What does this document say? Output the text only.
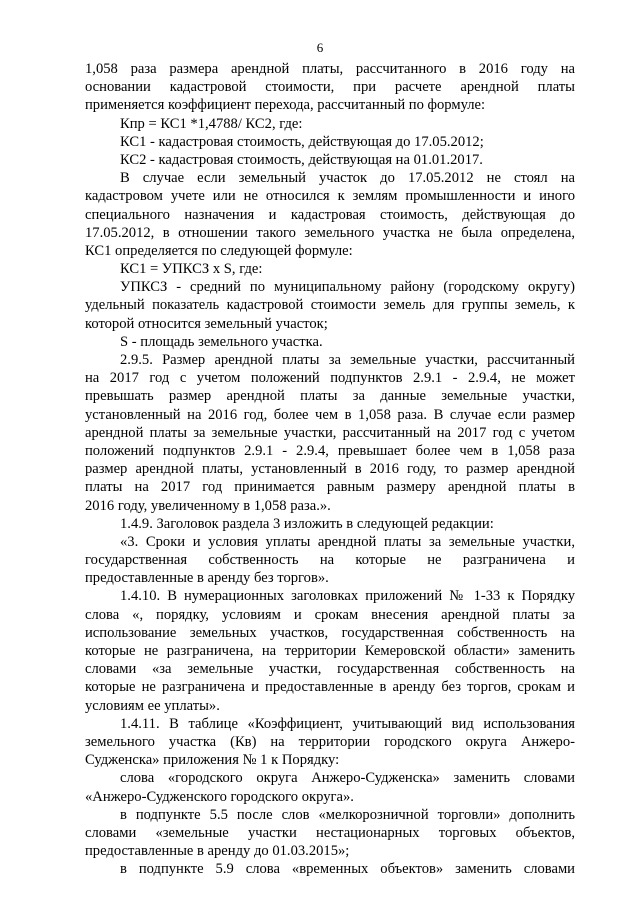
6
1,058 раза размера арендной платы, рассчитанного в 2016 году на
основании кадастровой стоимости, при расчете арендной платы
применяется коэффициент перехода, рассчитанный по формуле:
Кпр = КС1 *1,4788/ КС2, где:
КС1 - кадастровая стоимость, действующая до 17.05.2012;
КС2 - кадастровая стоимость, действующая на 01.01.2017.
В случае если земельный участок до 17.05.2012 не стоял на
кадастровом учете или не относился к землям промышленности и иного
специального назначения и кадастровая стоимость, действующая до
17.05.2012, в отношении такого земельного участка не была определена,
КС1 определяется по следующей формуле:
КС1 = УПКСЗ x S, где:
УПКСЗ - средний по муниципальному району (городскому округу)
удельный показатель кадастровой стоимости земель для группы земель, к
которой относится земельный участок;
S - площадь земельного участка.
2.9.5. Размер арендной платы за земельные участки, рассчитанный
на 2017 год с учетом положений подпунктов 2.9.1 - 2.9.4, не может
превышать размер арендной платы за данные земельные участки,
установленный на 2016 год, более чем в 1,058 раза. В случае если размер
арендной платы за земельные участки, рассчитанный на 2017 год с учетом
положений подпунктов 2.9.1 - 2.9.4, превышает более чем в 1,058 раза
размер арендной платы, установленный в 2016 году, то размер арендной
платы на 2017 год принимается равным размеру арендной платы в
2016 году, увеличенному в 1,058 раза.».
1.4.9. Заголовок раздела 3 изложить в следующей редакции:
«3. Сроки и условия уплаты арендной платы за земельные участки,
государственная собственность на которые не разграничена и
предоставленные в аренду без торгов».
1.4.10. В нумерационных заголовках приложений № 1-33 к Порядку
слова «, порядку, условиям и срокам внесения арендной платы за
использование земельных участков, государственная собственность на
которые не разграничена, на территории Кемеровской области» заменить
словами «за земельные участки, государственная собственность на
которые не разграничена и предоставленные в аренду без торгов, срокам и
условиям ее уплаты».
1.4.11. В таблице «Коэффициент, учитывающий вид использования
земельного участка (Кв) на территории городского округа Анжеро-
Судженска» приложения № 1 к Порядку:
слова «городского округа Анжеро-Судженска» заменить словами
«Анжеро-Судженского городского округа».
в подпункте 5.5 после слов «мелкорозничной торговли» дополнить
словами «земельные участки нестационарных торговых объектов,
предоставленные в аренду до 01.03.2015»;
в подпункте 5.9 слова «временных объектов» заменить словами
